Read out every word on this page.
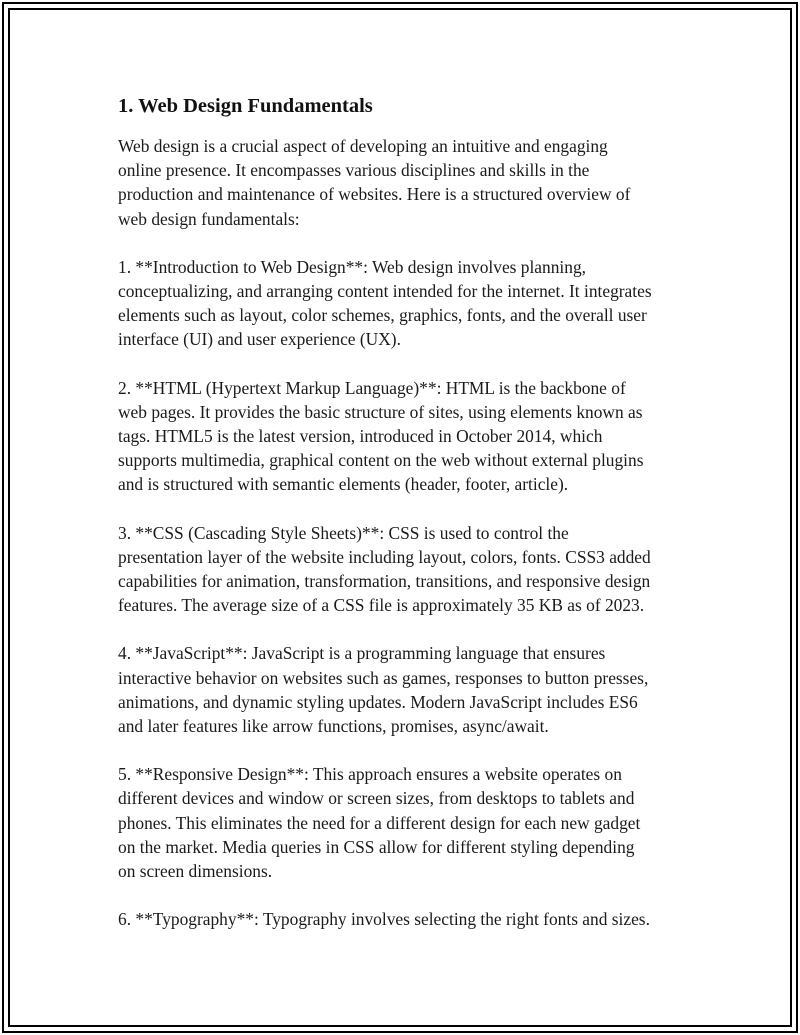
1. Web Design Fundamentals

Web design is a crucial aspect of developing an intuitive and engaging
online presence. It encompasses various disciplines and skills in the
production and maintenance of websites. Here is a structured overview of
web design fundamentals:

1. **Introduction to Web Design**: Web design involves planning,
conceptualizing, and arranging content intended for the internet. It integrates
elements such as layout, color schemes, graphics, fonts, and the overall user
interface (UI) and user experience (UX).

2. **HTML (Hypertext Markup Language)**: HTML is the backbone of
web pages. It provides the basic structure of sites, using elements known as
tags. HTML5 is the latest version, introduced in October 2014, which
supports multimedia, graphical content on the web without external plugins
and is structured with semantic elements (header, footer, article).

3. **CSS (Cascading Style Sheets)**: CSS is used to control the
presentation layer of the website including layout, colors, fonts. CSS3 added
capabilities for animation, transformation, transitions, and responsive design
features. The average size of a CSS file is approximately 35 KB as of 2023.

4. **JavaScript**: JavaScript is a programming language that ensures
interactive behavior on websites such as games, responses to button presses,
animations, and dynamic styling updates. Modern JavaScript includes ES6
and later features like arrow functions, promises, async/await.

5. **Responsive Design**: This approach ensures a website operates on
different devices and window or screen sizes, from desktops to tablets and
phones. This eliminates the need for a different design for each new gadget
on the market. Media queries in CSS allow for different styling depending
on screen dimensions.

6. **Typography**: Typography involves selecting the right fonts and sizes.
